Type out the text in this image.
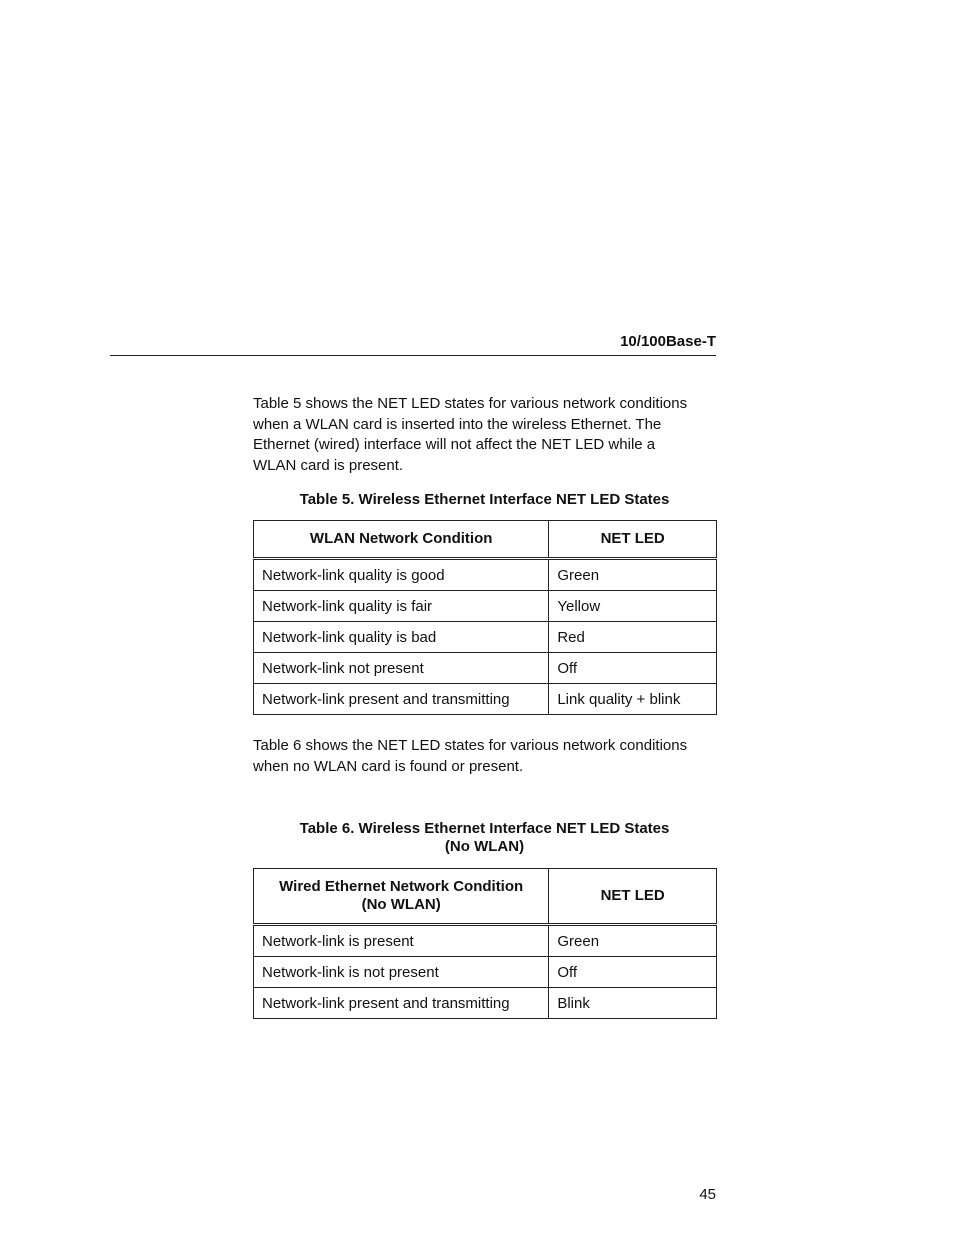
10/100Base-T

Table 5 shows the NET LED states for various network conditions
when a WLAN card is inserted into the wireless Ethernet. The
Ethernet (wired) interface will not affect the NET LED while a
WLAN card is present.

Table 5. Wireless Ethernet Interface NET LED States
WLAN Network Condition	NET LED
Network-link quality is good	Green
Network-link quality is fair	Yellow
Network-link quality is bad	Red
Network-link not present	Off
Network-link present and transmitting	Link quality + blink

Table 6 shows the NET LED states for various network conditions
when no WLAN card is found or present.

Table 6. Wireless Ethernet Interface NET LED States
(No WLAN)
Wired Ethernet Network Condition
(No WLAN)	NET LED
Network-link is present	Green
Network-link is not present	Off
Network-link present and transmitting	Blink
45
